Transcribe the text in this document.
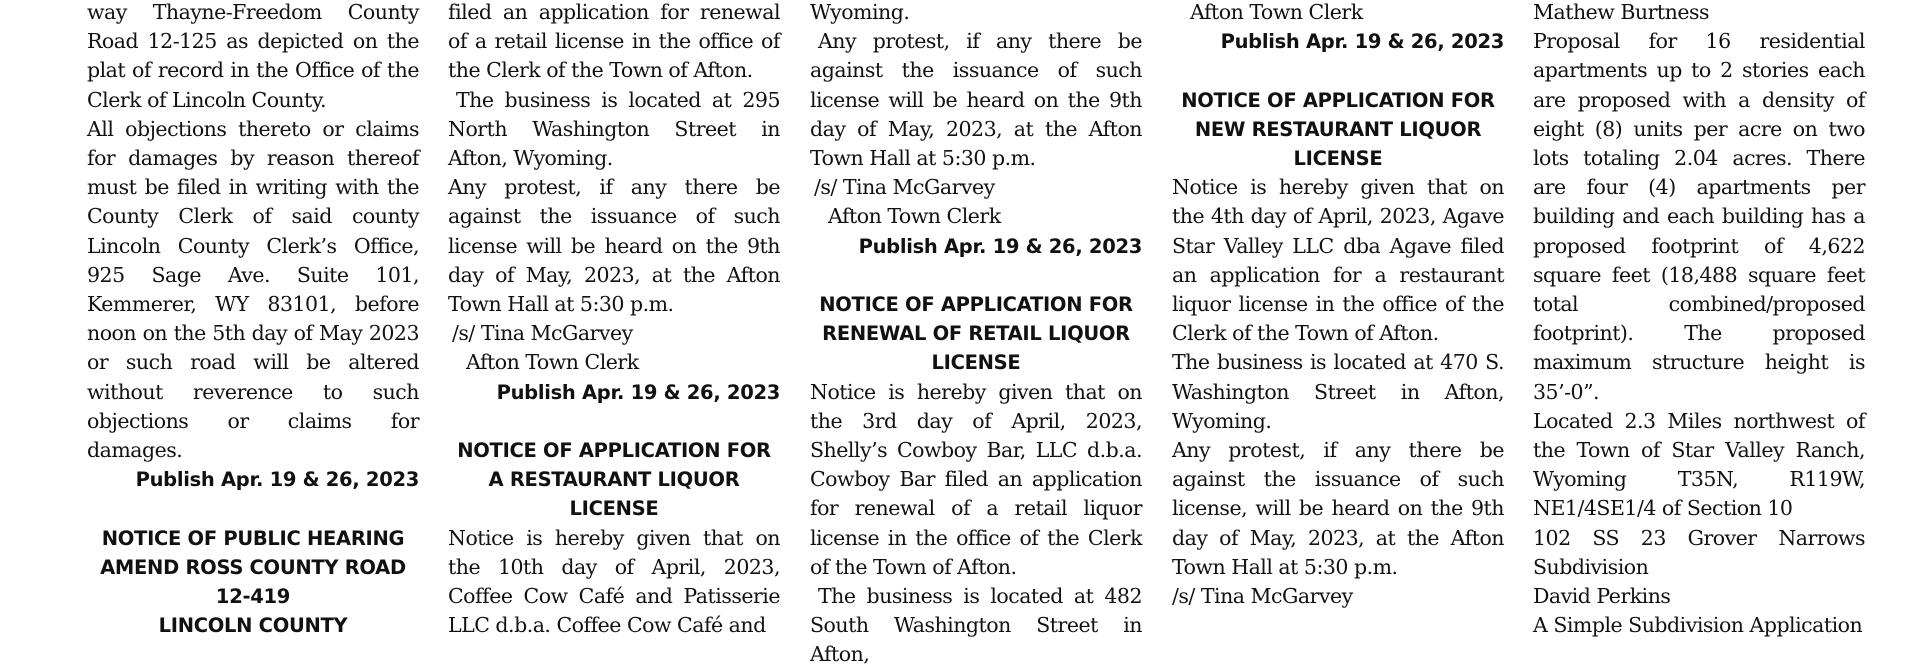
way Thayne-Freedom County Road 12-125 as depicted on the plat of record in the Office of the Clerk of Lincoln County.

All objections thereto or claims for damages by reason thereof must be filed in writing with the County Clerk of said county Lincoln County Clerk’s Office, 925 Sage Ave. Suite 101, Kemmerer, WY 83101, before noon on the 5th day of May 2023 or such road will be altered without reverence to such objections or claims for damages.

Publish Apr. 19 & 26, 2023

NOTICE OF PUBLIC HEARING

AMEND ROSS COUNTY ROAD 12-419

LINCOLN COUNTY

filed an application for renewal of a retail license in the office of the Clerk of the Town of Afton.

The business is located at 295 North Washington Street in Afton, Wyoming.

Any protest, if any there be against the issuance of such license will be heard on the 9th day of May, 2023, at the Afton Town Hall at 5:30 p.m.

/s/ Tina McGarvey

Afton Town Clerk

Publish Apr. 19 & 26, 2023

NOTICE OF APPLICATION FOR A RESTAURANT LIQUOR LICENSE

Notice is hereby given that on the 10th day of April, 2023, Coffee Cow Café and Patisserie LLC d.b.a. Coffee Cow Café and

Wyoming.

Any protest, if any there be against the issuance of such license will be heard on the 9th day of May, 2023, at the Afton Town Hall at 5:30 p.m.

/s/ Tina McGarvey

Afton Town Clerk

Publish Apr. 19 & 26, 2023

NOTICE OF APPLICATION FOR RENEWAL OF RETAIL LIQUOR LICENSE

Notice is hereby given that on the 3rd day of April, 2023, Shelly’s Cowboy Bar, LLC d.b.a. Cowboy Bar filed an application for renewal of a retail liquor license in the office of the Clerk of the Town of Afton.

The business is located at 482 South Washington Street in Afton,

Afton Town Clerk

Publish Apr. 19 & 26, 2023

NOTICE OF APPLICATION FOR NEW RESTAURANT LIQUOR LICENSE

Notice is hereby given that on the 4th day of April, 2023, Agave Star Valley LLC dba Agave filed an application for a restaurant liquor license in the office of the Clerk of the Town of Afton.

The business is located at 470 S. Washington Street in Afton, Wyoming.

Any protest, if any there be against the issuance of such license, will be heard on the 9th day of May, 2023, at the Afton Town Hall at 5:30 p.m.

/s/ Tina McGarvey

Mathew Burtness

Proposal for 16 residential apartments up to 2 stories each are proposed with a density of eight (8) units per acre on two lots totaling 2.04 acres. There are four (4) apartments per building and each building has a proposed footprint of 4,622 square feet (18,488 square feet total combined/proposed footprint). The proposed maximum structure height is 35’-0”.

Located 2.3 Miles northwest of the Town of Star Valley Ranch, Wyoming T35N, R119W, NE1/4SE1/4 of Section 10

102 SS 23 Grover Narrows Subdivision

David Perkins

A Simple Subdivision Application
